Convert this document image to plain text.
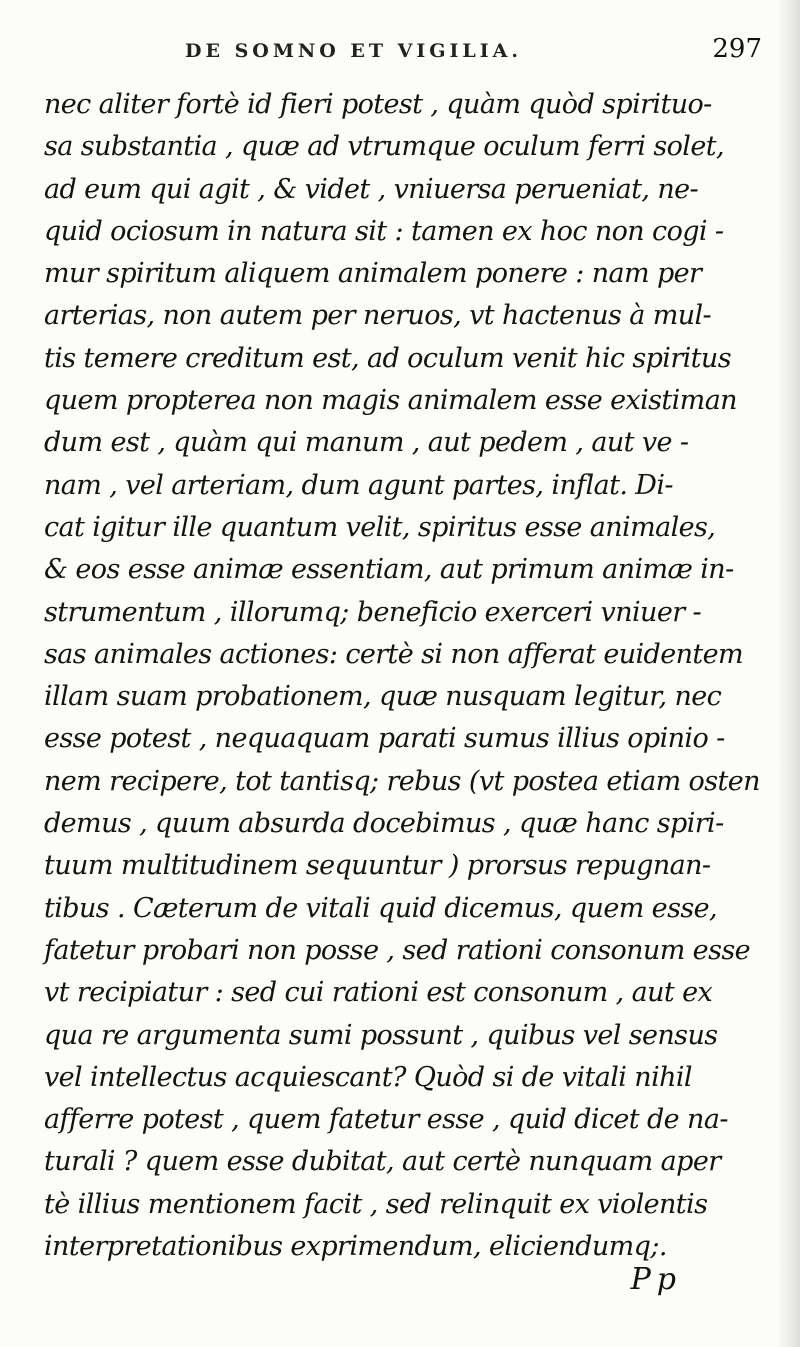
DE SOMNO ET VIGILIA.	297
nec aliter fortè id fieri potest , quàm quòd spirituo-
sa substantia , quæ ad vtrumque oculum ferri solet,
ad eum qui agit , & videt , vniuersa perueniat, ne-
quid ociosum in natura sit : tamen ex hoc non cogi -
mur spiritum aliquem animalem ponere : nam per
arterias, non autem per neruos, vt hactenus à mul-
tis temere creditum est, ad oculum venit hic spiritus
quem propterea non magis animalem esse existiman
dum est , quàm qui manum , aut pedem , aut ve -
nam , vel arteriam, dum agunt partes, inflat. Di-
cat igitur ille quantum velit, spiritus esse animales,
& eos esse animæ essentiam, aut primum animæ in-
strumentum , illorumq; beneficio exerceri vniuer -
sas animales actiones: certè si non afferat euidentem
illam suam probationem, quæ nusquam legitur, nec
esse potest , nequaquam parati sumus illius opinio -
nem recipere, tot tantisq; rebus (vt postea etiam osten
demus , quum absurda docebimus , quæ hanc spiri-
tuum multitudinem sequuntur ) prorsus repugnan-
tibus . Cæterum de vitali quid dicemus, quem esse,
fatetur probari non posse , sed rationi consonum esse
vt recipiatur : sed cui rationi est consonum , aut ex
qua re argumenta sumi possunt , quibus vel sensus
vel intellectus acquiescant? Quòd si de vitali nihil
afferre potest , quem fatetur esse , quid dicet de na-
turali ? quem esse dubitat, aut certè nunquam aper
tè illius mentionem facit , sed relinquit ex violentis
interpretationibus exprimendum, eliciendumq;.
Pp
